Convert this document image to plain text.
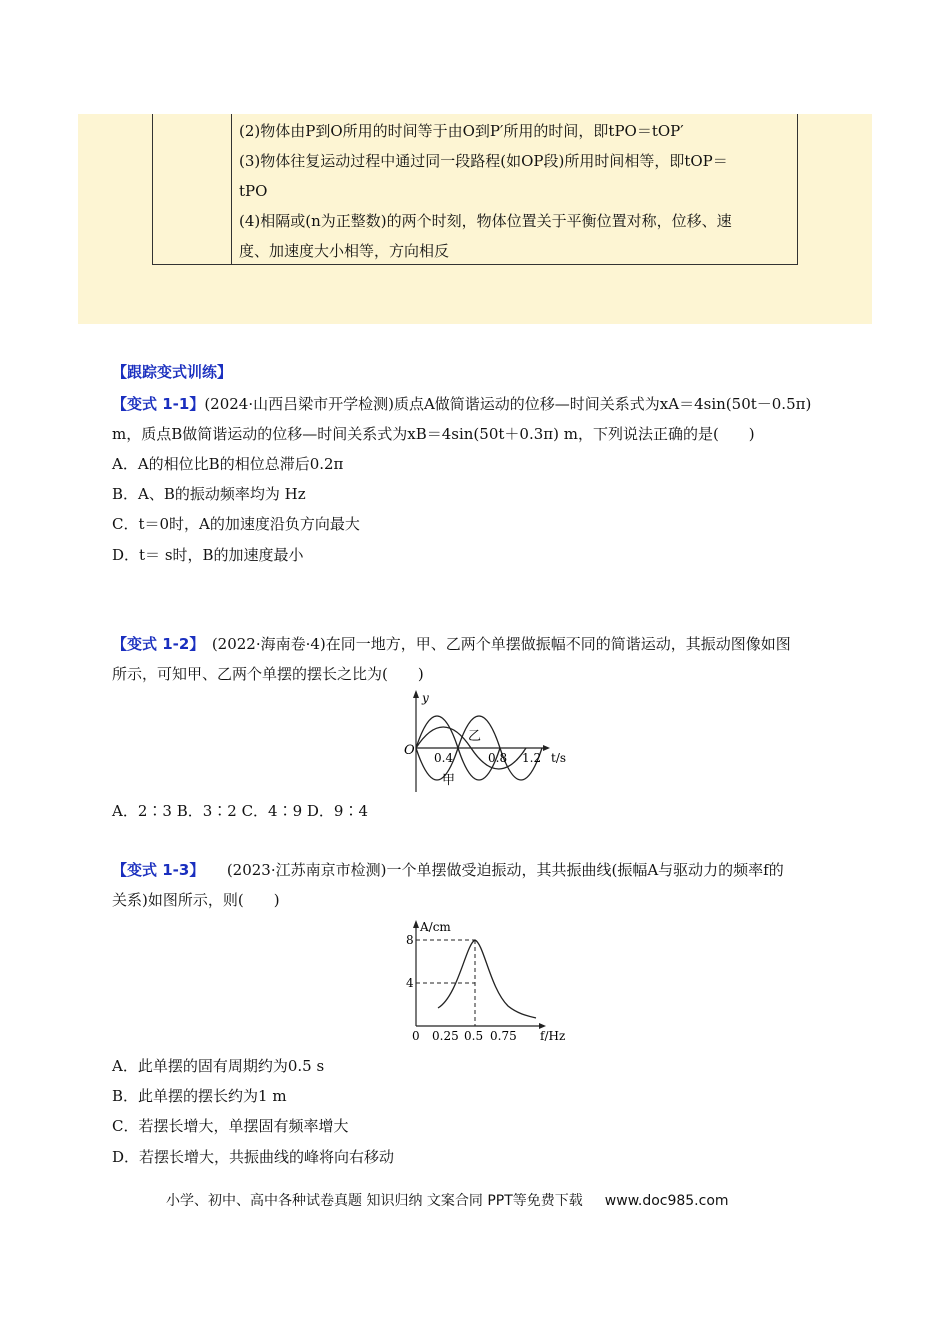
(2)物体由P到O所用的时间等于由O到P′所用的时间，即tPO＝tOP′
(3)物体往复运动过程中通过同一段路程(如OP段)所用时间相等，即tOP＝
tPO
(4)相隔或(n为正整数)的两个时刻，物体位置关于平衡位置对称，位移、速
度、加速度大小相等，方向相反
【跟踪变式训练】
【变式 1-1】(2024·山西吕梁市开学检测)质点A做简谐运动的位移—时间关系式为xA＝4sin(50t－0.5π)
m，质点B做简谐运动的位移—时间关系式为xB＝4sin(50t＋0.3π) m，下列说法正确的是(　　)
A．A的相位比B的相位总滞后0.2π
B．A、B的振动频率均为 Hz
C．t＝0时，A的加速度沿负方向最大
D．t＝ s时，B的加速度最小
【变式 1-2】　(2022·海南卷·4)在同一地方，甲、乙两个单摆做振幅不同的简谐运动，其振动图像如图
所示，可知甲、乙两个单摆的摆长之比为(　　)
y
O	t/s
0.4	0.8 1.2
乙
甲
A．2∶3 B．3∶2 C．4∶9 D．9∶4
【变式 1-3】　　(2023·江苏南京市检测)一个单摆做受迫振动，其共振曲线(振幅A与驱动力的频率f的
关系)如图所示，则(　　)
A/cm
f/Hz
8
4
0 0.25 0.5 0.75
A．此单摆的固有周期约为0.5 s
B．此单摆的摆长约为1 m
C．若摆长增大，单摆固有频率增大
D．若摆长增大，共振曲线的峰将向右移动
小学、初中、高中各种试卷真题 知识归纳 文案合同 PPT等免费下载 www.doc985.com
